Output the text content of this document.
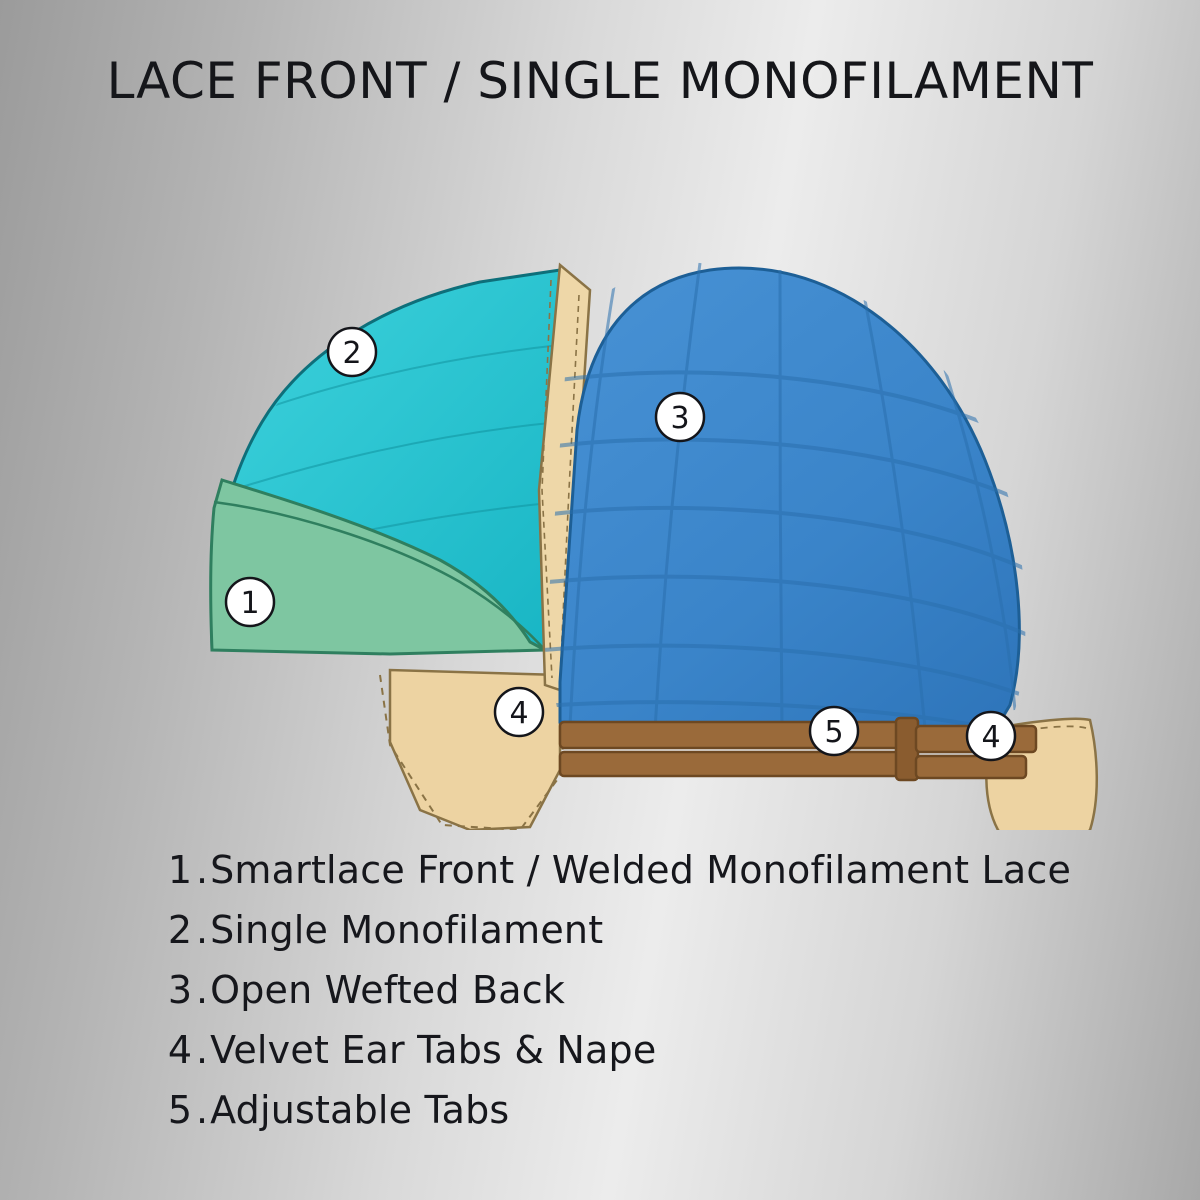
LACE FRONT / SINGLE MONOFILAMENT
1
2
3
4
5	4
1 . Smartlace Front / Welded Monofilament Lace
2 . Single Monofilament
3 . Open Wefted Back
4 . Velvet Ear Tabs & Nape
5 . Adjustable Tabs
